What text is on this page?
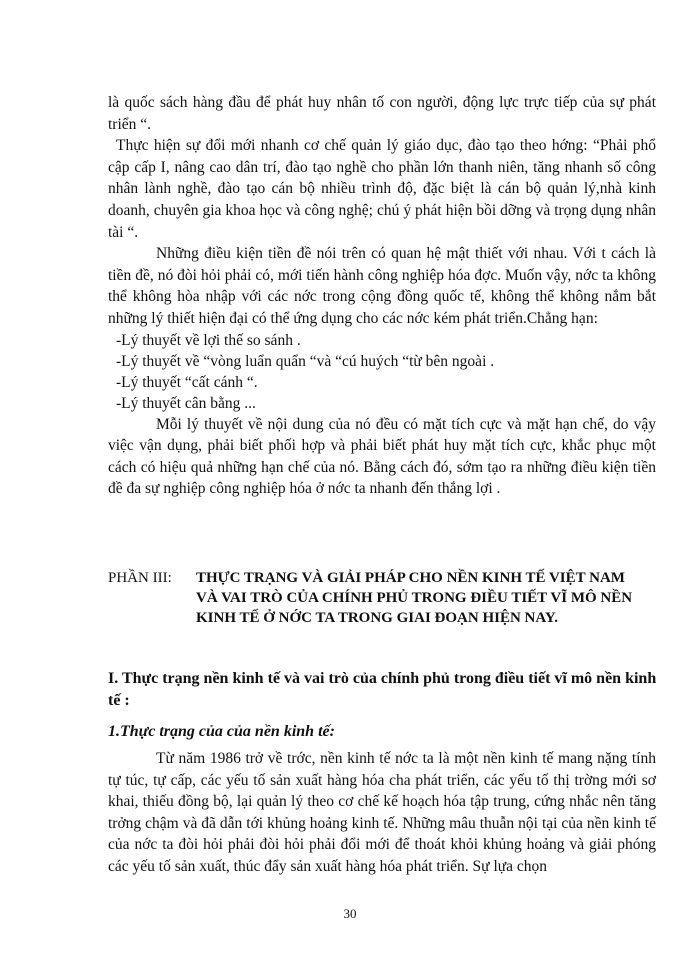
là quốc sách hàng đầu để phát huy nhân tố con người, động lực trực tiếp của sự phát triển “.

Thực hiện sự đổi mới nhanh cơ chế quản lý giáo dục, đào tạo theo hớng: “Phải phổ cập cấp I, nâng cao dân trí, đào tạo nghề cho phần lớn thanh niên, tăng nhanh số công nhân lành nghề, đào tạo cán bộ nhiều trình độ, đặc biệt là cán bộ quản lý,nhà kinh doanh, chuyên gia khoa học và công nghệ; chú ý phát hiện bồi dỡng và trọng dụng nhân tài “.

Những điều kiện tiền đề nói trên có quan hệ mật thiết với nhau. Với t cách là tiền đề, nó đòi hỏi phải có, mới tiến hành công nghiệp hóa đợc. Muốn vậy, nớc ta không thể không hòa nhập với các nớc trong cộng đồng quốc tế, không thể không nắm bắt những lý thiết hiện đại có thể ứng dụng cho các nớc kém phát triển.Chẳng hạn:

-Lý thuyết về lợi thế so sánh .

-Lý thuyết về “vòng luẩn quẩn “và “cú huých “từ bên ngoài .

-Lý thuyết “cất cánh “.

-Lý thuyết cân bằng ...

Mỗi lý thuyết về nội dung của nó đều có mặt tích cực và mặt hạn chế, do vậy việc vận dụng, phải biết phối hợp và phải biết phát huy mặt tích cực, khắc phục một cách có hiệu quả những hạn chế của nó. Bằng cách đó, sớm tạo ra những điều kiện tiền đề đa sự nghiệp công nghiệp hóa ở nớc ta nhanh đến thắng lợi .

PHẦN III: THỰC TRẠNG VÀ GIẢI PHÁP CHO NỀN KINH TẾ VIỆT NAM VÀ VAI TRÒ CỦA CHÍNH PHỦ TRONG ĐIỀU TIẾT VĨ MÔ NỀN KINH TẾ Ở NỚC TA TRONG GIAI ĐOẠN HIỆN NAY.
I. Thực trạng nền kinh tế và vai trò của chính phủ trong điều tiết vĩ mô nền kinh tế :
1.Thực trạng của của nền kinh tế:

Từ năm 1986 trở về trớc, nền kinh tế nớc ta là một nền kinh tế mang nặng tính tự túc, tự cấp, các yếu tố sản xuất hàng hóa cha phát triển, các yếu tố thị trờng mới sơ khai, thiếu đồng bộ, lại quản lý theo cơ chế kế hoạch hóa tập trung, cứng nhắc nên tăng trởng chậm và đã dẫn tới khủng hoảng kinh tế. Những mâu thuẫn nội tại của nền kinh tế của nớc ta đòi hỏi phải đòi hỏi phải đổi mới để thoát khỏi khủng hoảng và giải phóng các yếu tố sản xuất, thúc đẩy sản xuất hàng hóa phát triển. Sự lựa chọn

30
